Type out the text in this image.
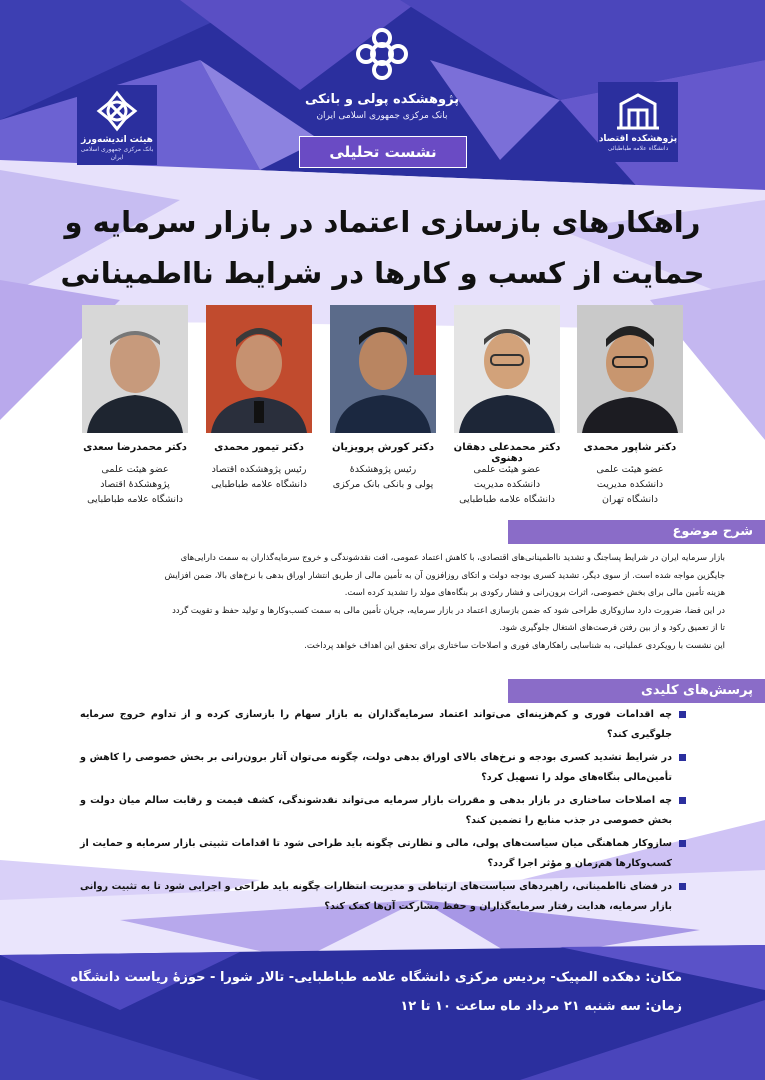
هیئت اندیشه‌ورز
بانک مرکزی جمهوری اسلامی ایران
پژوهشکده اقتصاد
دانشگاه علامه طباطبائی
پژوهشکده پولی و بانکی
بانک مرکزی جمهوری اسلامی ایران
نشست تحلیلی
راهکارهای بازسازی اعتماد در بازار سرمایه و
حمایت از کسب و کارها در شرایط نااطمینانی
دکتر شاپور محمدی
عضو هیئت علمی
دانشکده مدیریت
دانشگاه تهران
دکتر محمدعلی دهقان دهنوی
عضو هیئت علمی
دانشکده مدیریت
دانشگاه علامه طباطبایی
دکتر کورش پرویزیان
رئیس پژوهشکدهٔ
پولی و بانکی بانک مرکزی
دکتر تیمور محمدی
رئیس پژوهشکده اقتصاد
دانشگاه علامه طباطبایی
دکتر محمدرضا سعدی
عضو هیئت علمی
پژوهشکدهٔ اقتصاد
دانشگاه علامه طباطبایی
شرح موضوع
بازار سرمایه ایران در شرایط پساجنگ و تشدید نااطمینانی‌های اقتصادی، با کاهش اعتماد عمومی، افت نقدشوندگی و خروج سرمایه‌گذاران به سمت دارایی‌های
جایگزین مواجه شده است. از سوی دیگر، تشدید کسری بودجه دولت و اتکای روزافزون آن به تأمین مالی از طریق انتشار اوراق بدهی با نرخ‌های بالا، ضمن افزایش
هزینه تأمین مالی برای بخش خصوصی، اثرات برون‌رانی و فشار رکودی بر بنگاه‌های مولد را تشدید کرده است.
در این فضا، ضرورت دارد سازوکاری طراحی شود که ضمن بازسازی اعتماد در بازار سرمایه، جریان تأمین مالی به سمت کسب‌وکارها و تولید حفظ و تقویت گردد
تا از تعمیق رکود و از بین رفتن فرصت‌های اشتغال جلوگیری شود.
این نشست با رویکردی عملیاتی، به شناسایی راهکارهای فوری و اصلاحات ساختاری برای تحقق این اهداف خواهد پرداخت.
پرسش‌های کلیدی
چه اقدامات فوری و کم‌هزینه‌ای می‌تواند اعتماد سرمایه‌گذاران به بازار سهام را بازسازی کرده و از تداوم خروج سرمایه جلوگیری کند؟
در شرایط تشدید کسری بودجه و نرخ‌های بالای اوراق بدهی دولت، چگونه می‌توان آثار برون‌رانی بر بخش خصوصی را کاهش و تأمین‌مالی بنگاه‌های مولد را تسهیل کرد؟
چه اصلاحات ساختاری در بازار بدهی و مقررات بازار سرمایه می‌تواند نقدشوندگی، کشف قیمت و رقابت سالم میان دولت و بخش خصوصی در جذب منابع را تضمین کند؟
سازوکار هماهنگی میان سیاست‌های پولی، مالی و نظارتی چگونه باید طراحی شود تا اقدامات تثبیتی بازار سرمایه و حمایت از کسب‌وکارها هم‌زمان و مؤثر اجرا گردد؟
در فضای نااطمینانی، راهبردهای سیاست‌های ارتباطی و مدیریت انتظارات چگونه باید طراحی و اجرایی شود تا به تثبیت روانی بازار سرمایه، هدایت رفتار سرمایه‌گذاران و حفظ مشارکت آن‌ها کمک کند؟
مکان: دهکده المپیک- پردیس مرکزی دانشگاه علامه طباطبایی- تالار شورا - حوزهٔ ریاست دانشگاه
زمان: سه شنبه ۲۱ مرداد ماه ساعت ۱۰ تا ۱۲
